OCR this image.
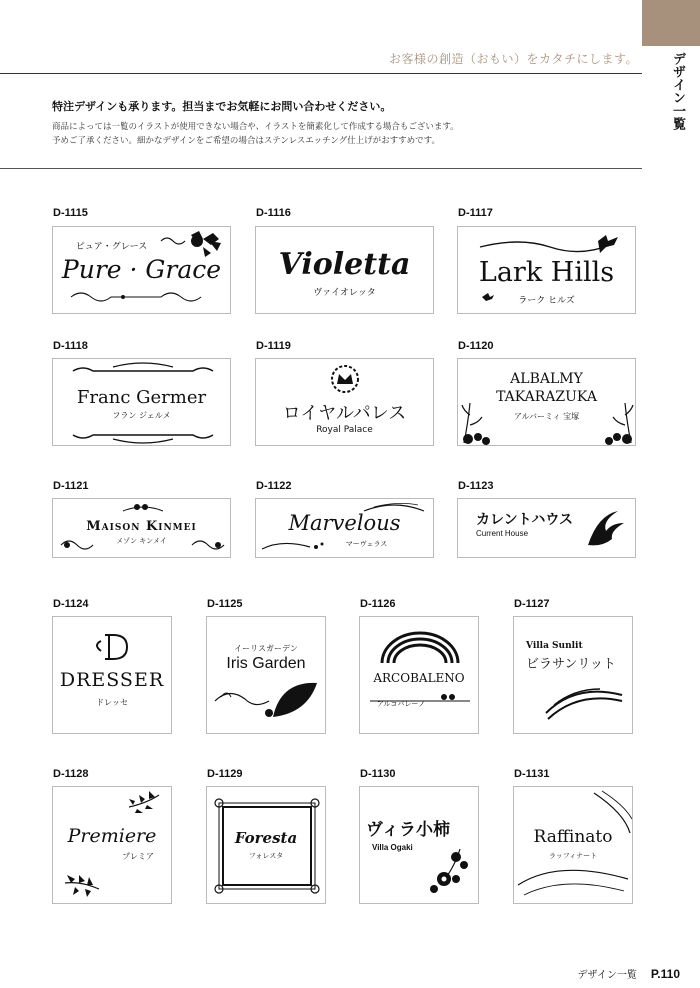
デザイン一覧
お客様の創造（おもい）をカタチにします。
特注デザインも承ります。担当までお気軽にお問い合わせください。
商品によっては一覧のイラストが使用できない場合や、イラストを簡素化して作成する場合もございます。
予めご了承ください。細かなデザインをご希望の場合はステンレスエッチング仕上げがおすすめです。
D-1115
ピュア・グレース
Pure · Grace
D-1116
Violetta
ヴァイオレッタ
D-1117
Lark Hills
ラーク ヒルズ
D-1118
Franc Germer
フラン ジェルメ
D-1119
ロイヤルパレス
Royal Palace
D-1120
ALBALMY
TAKARAZUKA
アルバーミィ 宝塚
D-1121
Maison Kinmei
メゾン キンメイ
D-1122
Marvelous
マーヴェラス
D-1123
カレントハウス
Current House
D-1124
DRESSER
ドレッセ
D-1125
イーリスガーデン
Iris Garden
D-1126
ARCOBALENO
アルコバレーノ
D-1127
Villa Sunlit
ビラサンリット
D-1128
Premiere
プレミア
D-1129
Foresta
フォレスタ
D-1130
ヴィラ小柿
Villa Ogaki
D-1131
Raffinato
ラッフィナート
デザイン一覧 P.110
